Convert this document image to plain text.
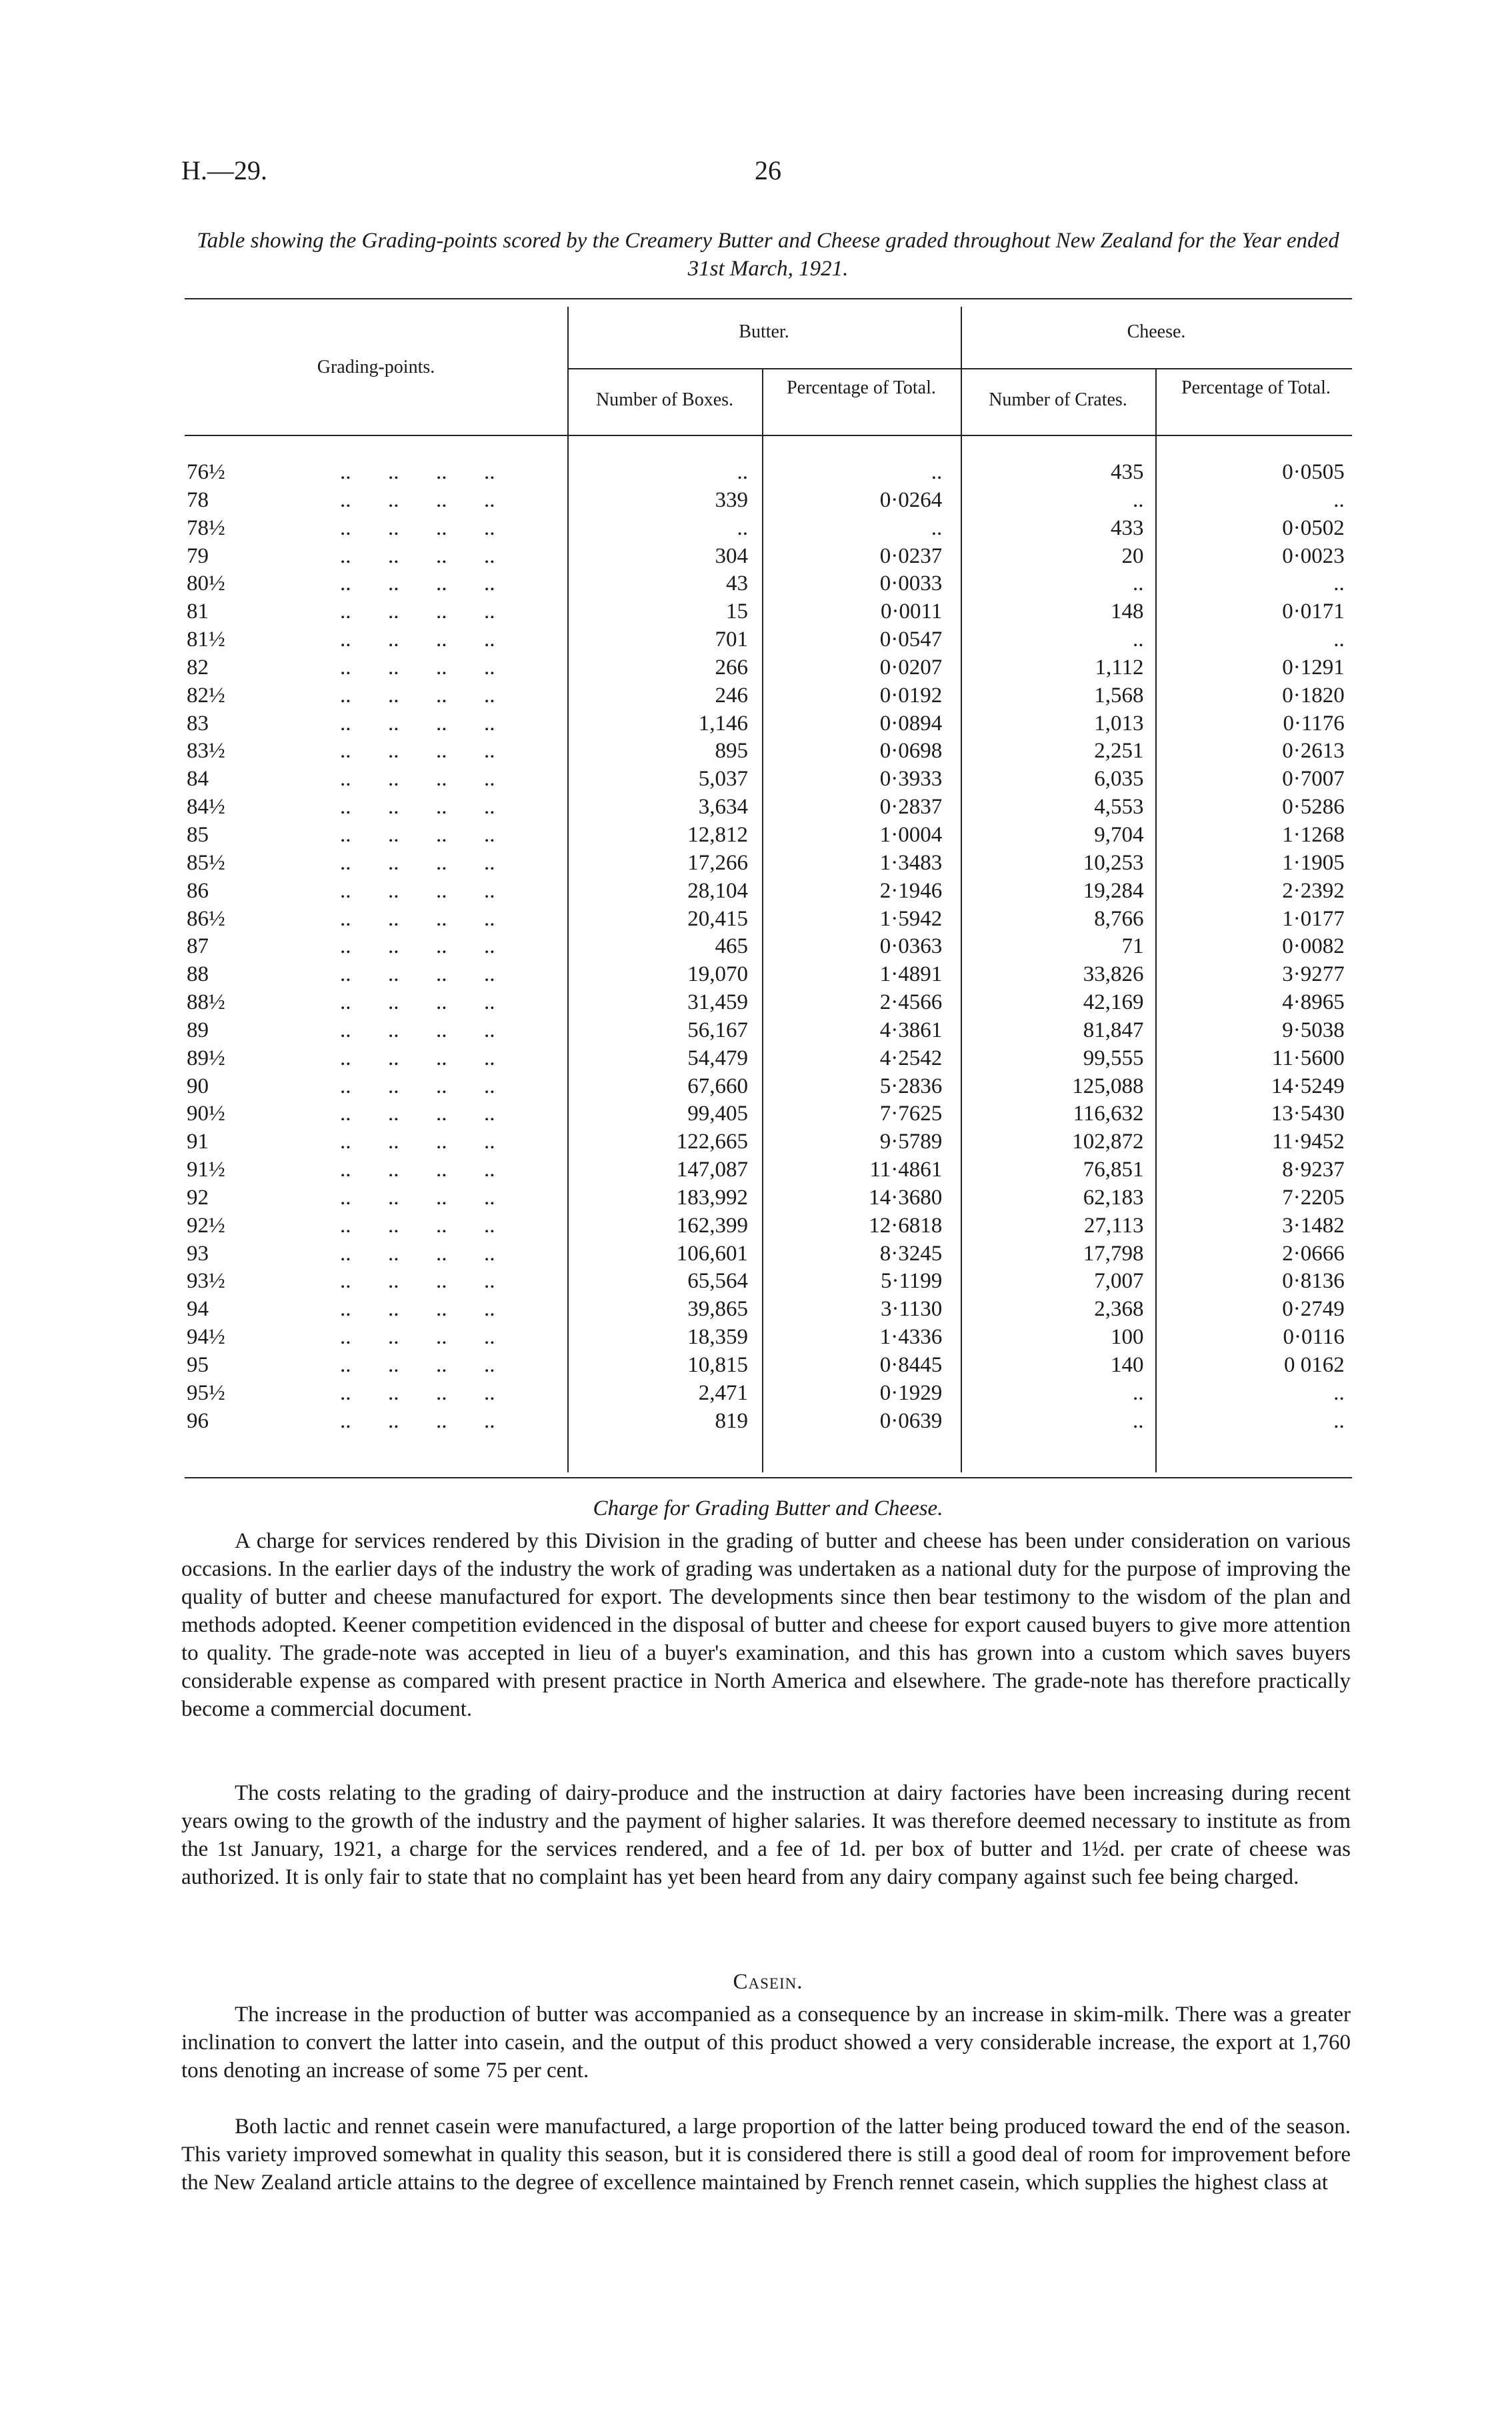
H.—29.	26
Table showing the Grading-points scored by the Creamery Butter and Cheese graded throughout New Zealand for the Year ended 31st March, 1921.
Grading-points.
Butter.	Cheese.
Number of Boxes.
Percentage of Total.
Number of Crates.
Percentage of Total.
76½	.. .. .. ..	..	..	435	0·0505
78	.. .. .. ..	339	0·0264	..	..
78½	.. .. .. ..	..	..	433	0·0502
79	.. .. .. ..	304	0·0237	20	0·0023
80½	.. .. .. ..	43	0·0033	..	..
81	.. .. .. ..	15	0·0011	148	0·0171
81½	.. .. .. ..	701	0·0547	..	..
82	.. .. .. ..	266	0·0207	1,112	0·1291
82½	.. .. .. ..	246	0·0192	1,568	0·1820
83	.. .. .. ..	1,146	0·0894	1,013	0·1176
83½	.. .. .. ..	895	0·0698	2,251	0·2613
84	.. .. .. ..	5,037	0·3933	6,035	0·7007
84½	.. .. .. ..	3,634	0·2837	4,553	0·5286
85	.. .. .. ..	12,812	1·0004	9,704	1·1268
85½	.. .. .. ..	17,266	1·3483	10,253	1·1905
86	.. .. .. ..	28,104	2·1946	19,284	2·2392
86½	.. .. .. ..	20,415	1·5942	8,766	1·0177
87	.. .. .. ..	465	0·0363	71	0·0082
88	.. .. .. ..	19,070	1·4891	33,826	3·9277
88½	.. .. .. ..	31,459	2·4566	42,169	4·8965
89	.. .. .. ..	56,167	4·3861	81,847	9·5038
89½	.. .. .. ..	54,479	4·2542	99,555	11·5600
90	.. .. .. ..	67,660	5·2836	125,088	14·5249
90½	.. .. .. ..	99,405	7·7625	116,632	13·5430
91	.. .. .. ..	122,665	9·5789	102,872	11·9452
91½	.. .. .. ..	147,087	11·4861	76,851	8·9237
92	.. .. .. ..	183,992	14·3680	62,183	7·2205
92½	.. .. .. ..	162,399	12·6818	27,113	3·1482
93	.. .. .. ..	106,601	8·3245	17,798	2·0666
93½	.. .. .. ..	65,564	5·1199	7,007	0·8136
94	.. .. .. ..	39,865	3·1130	2,368	0·2749
94½	.. .. .. ..	18,359	1·4336	100	0·0116
95	.. .. .. ..	10,815	0·8445	140	0 0162
95½	.. .. .. ..	2,471	0·1929	..	..
96	.. .. .. ..	819	0·0639	..	..
Charge for Grading Butter and Cheese.

A charge for services rendered by this Division in the grading of butter and cheese has been under consideration on various occasions. In the earlier days of the industry the work of grading was undertaken as a national duty for the purpose of improving the quality of butter and cheese manufactured for export. The developments since then bear testimony to the wisdom of the plan and methods adopted. Keener competition evidenced in the disposal of butter and cheese for export caused buyers to give more attention to quality. The grade-note was accepted in lieu of a buyer's examination, and this has grown into a custom which saves buyers considerable expense as compared with present practice in North America and elsewhere. The grade-note has therefore practically become a commercial document.

The costs relating to the grading of dairy-produce and the instruction at dairy factories have been increasing during recent years owing to the growth of the industry and the payment of higher salaries. It was therefore deemed necessary to institute as from the 1st January, 1921, a charge for the services rendered, and a fee of 1d. per box of butter and 1½d. per crate of cheese was authorized. It is only fair to state that no complaint has yet been heard from any dairy company against such fee being charged.

Casein.

The increase in the production of butter was accompanied as a consequence by an increase in skim-milk. There was a greater inclination to convert the latter into casein, and the output of this product showed a very considerable increase, the export at 1,760 tons denoting an increase of some 75 per cent.

Both lactic and rennet casein were manufactured, a large proportion of the latter being produced toward the end of the season. This variety improved somewhat in quality this season, but it is considered there is still a good deal of room for improvement before the New Zealand article attains to the degree of excellence maintained by French rennet casein, which supplies the highest class at
